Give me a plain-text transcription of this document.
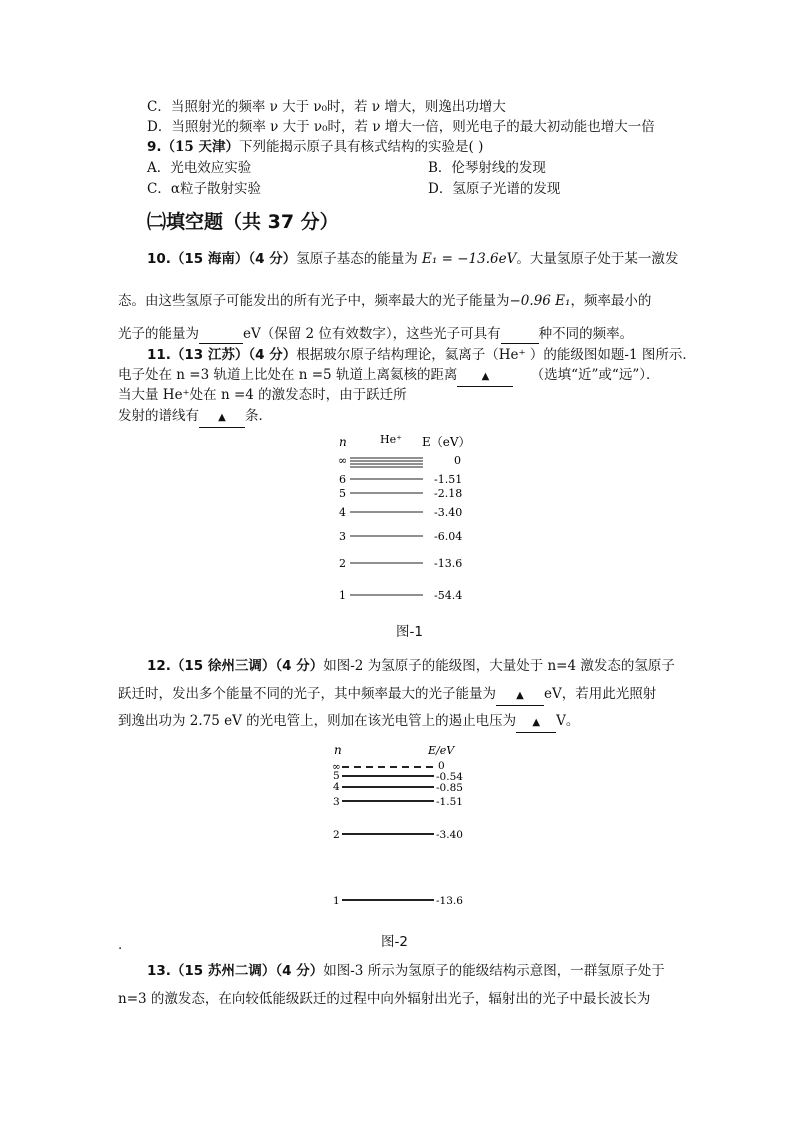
C．当照射光的频率 ν 大于 ν₀时，若 ν 增大，则逸出功增大
D．当照射光的频率 ν 大于 ν₀时，若 ν 增大一倍，则光电子的最大初动能也增大一倍
9.（15 天津）下列能揭示原子具有核式结构的实验是( )
A．光电效应实验	B．伦琴射线的发现
C．α粒子散射实验	D．氢原子光谱的发现
㈡填空题（共 37 分）
10.（15 海南）（4 分）氢原子基态的能量为 E₁ = −13.6eV。大量氢原子处于某一激发
态。由这些氢原子可能发出的所有光子中，频率最大的光子能量为−0.96 E₁，频率最小的
光子的能量为	eV（保留 2 位有效数字），这些光子可具有	种不同的频率。
11.（13 江苏）（4 分）根据玻尔原子结构理论，氦离子（He⁺ ）的能级图如题-1 图所示．
电子处在 n =3 轨道上比处在 n =5 轨道上离氦核的距离 ▲	（选填“近”或“远”）．
当大量 He⁺处在 n =4 的激发态时，由于跃迁所
发射的谱线有 ▲ 条．
n	He⁺ E（eV）
∞	0
6	-1.51
5	-2.18
4	-3.40
3	-6.04
2	-13.6
1	-54.4
图-1
12.（15 徐州三调）（4 分）如图-2 为氢原子的能级图，大量处于 n=4 激发态的氢原子
跃迁时，发出多个能量不同的光子，其中频率最大的光子能量为 ▲ eV，若用此光照射
到逸出功为 2.75 eV 的光电管上，则加在该光电管上的遏止电压为 ▲ V。
n	E/eV
∞	0
5	-0.54
4	-0.85
3	-1.51
2	-3.40
1	-13.6
.	图-2
13.（15 苏州二调）（4 分）如图-3 所示为氢原子的能级结构示意图，一群氢原子处于
n=3 的激发态，在向较低能级跃迁的过程中向外辐射出光子，辐射出的光子中最长波长为
